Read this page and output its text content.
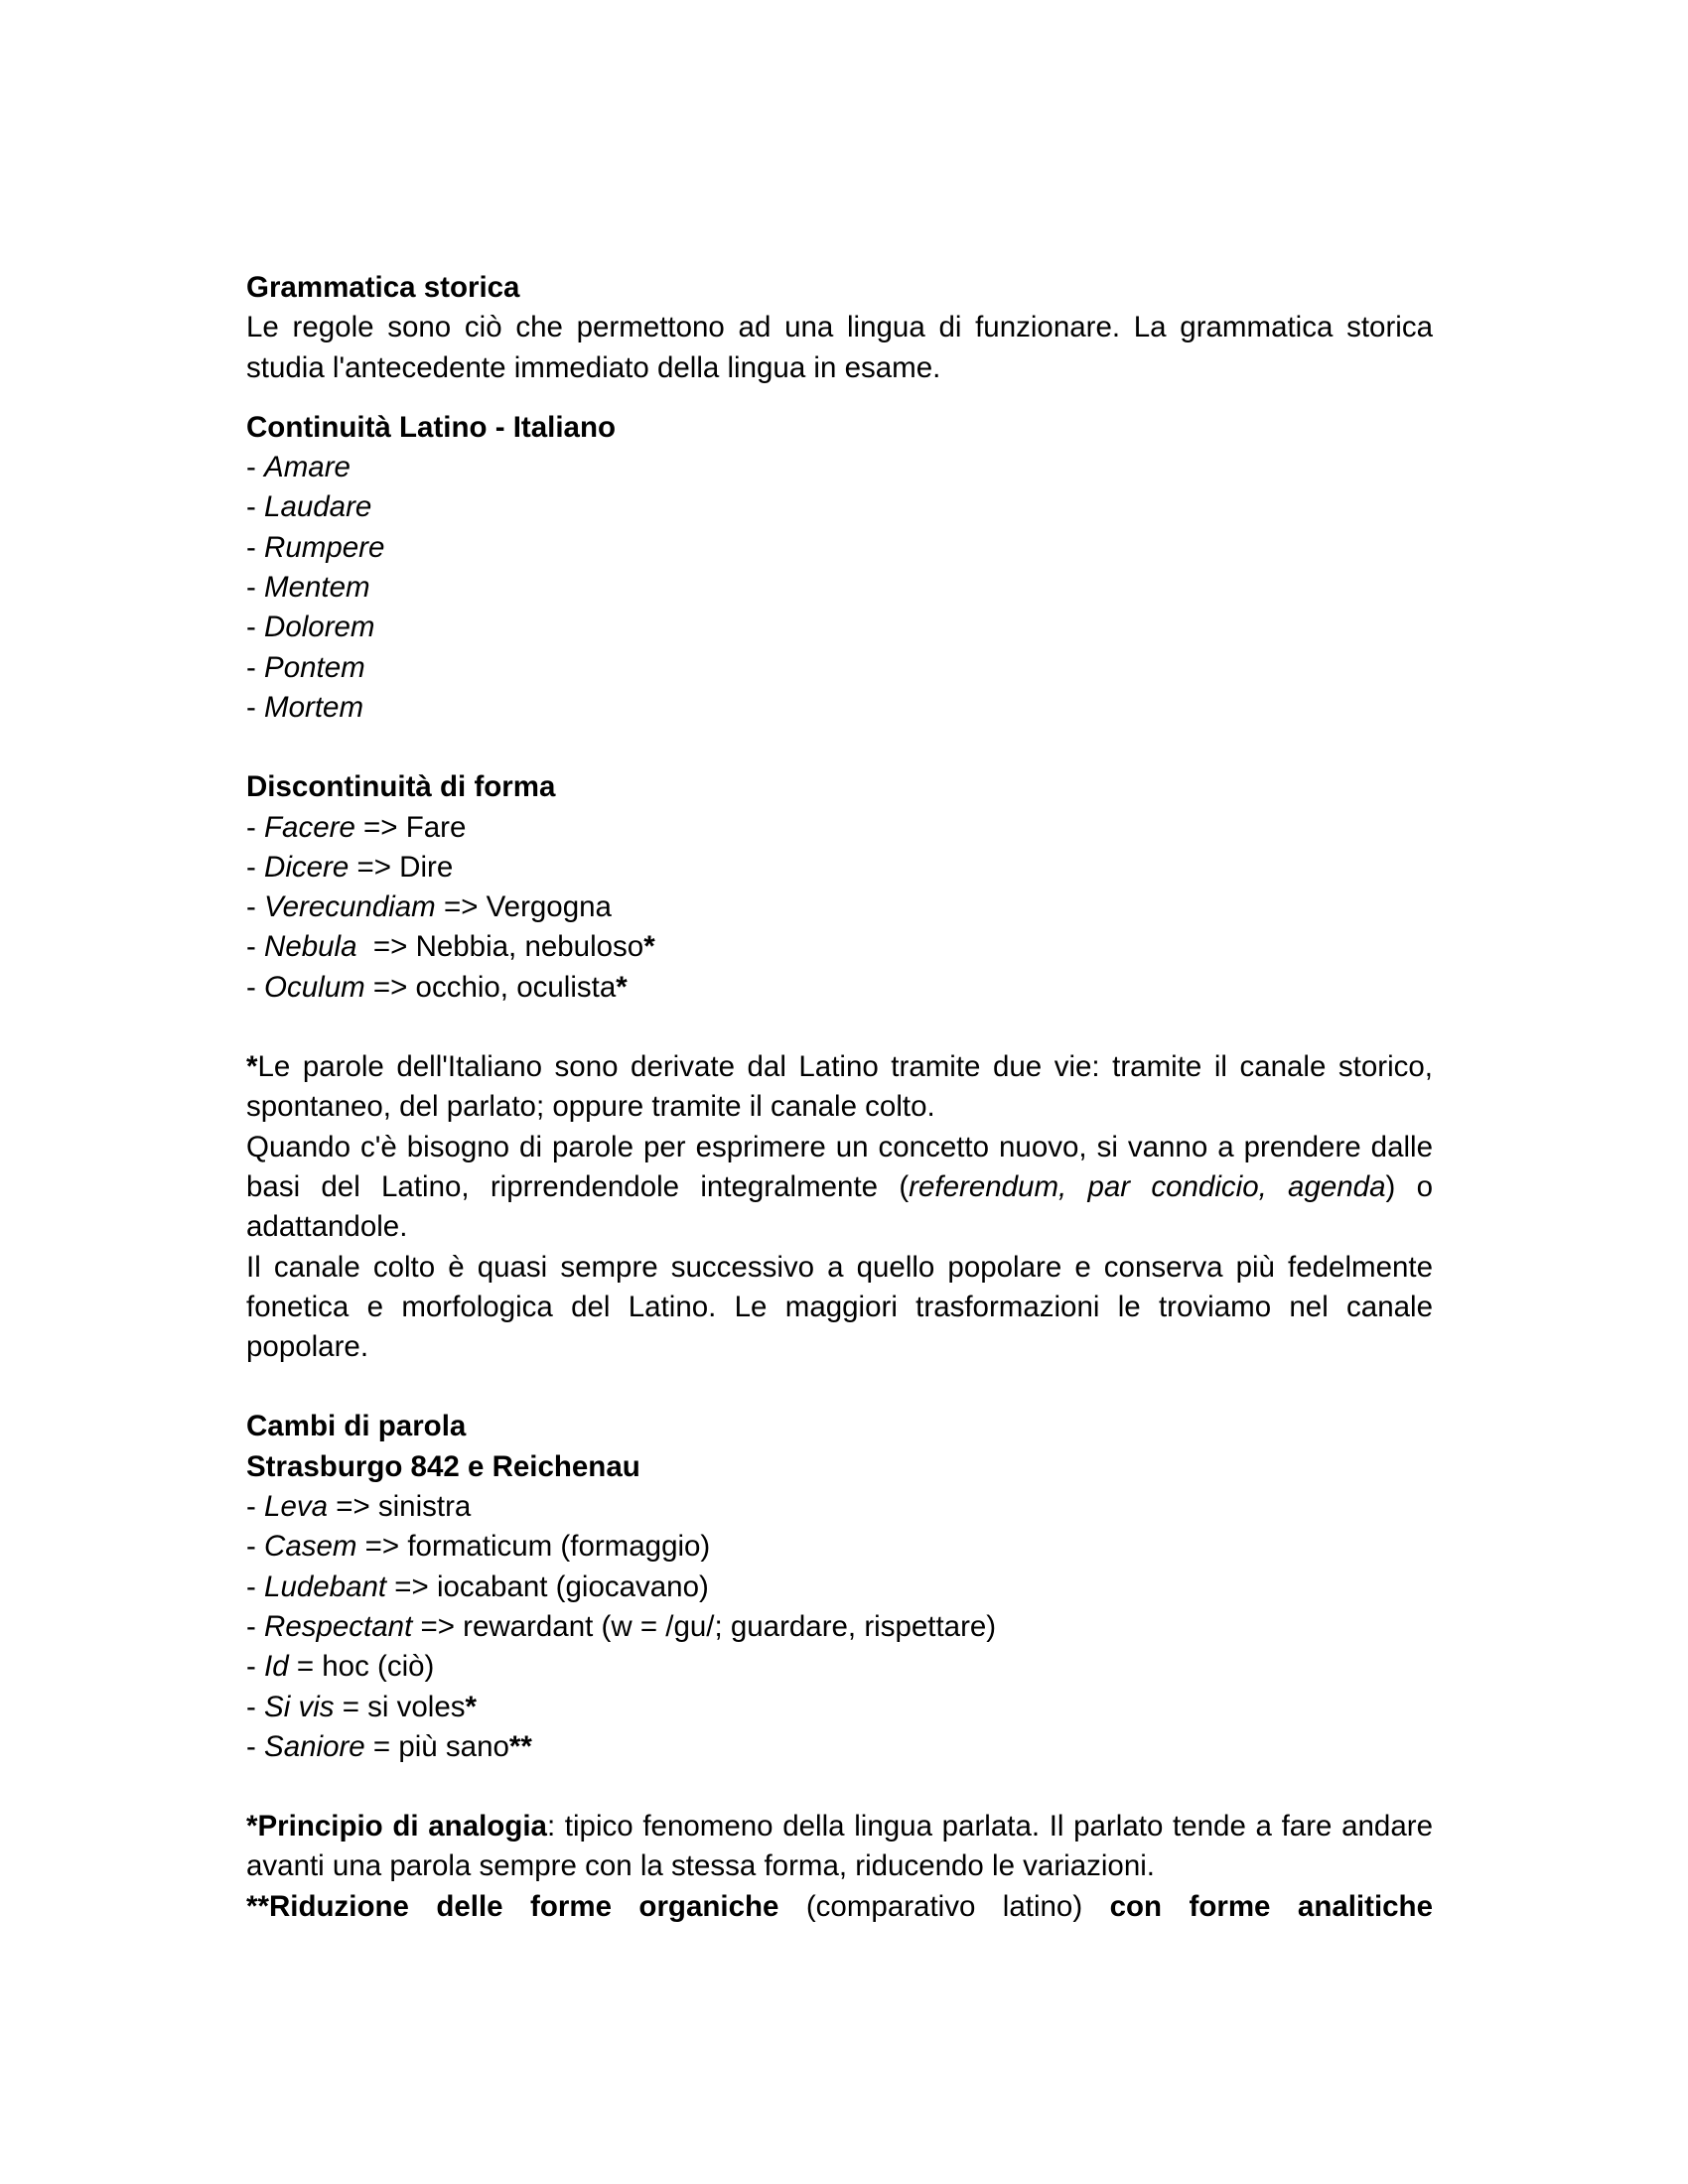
Grammatica storica
Le regole sono ciò che permettono ad una lingua di funzionare. La grammatica storica studia l'antecedente immediato della lingua in esame.
Continuità Latino - Italiano
- Amare
- Laudare
- Rumpere
- Mentem
- Dolorem
- Pontem
- Mortem
Discontinuità di forma
- Facere => Fare
- Dicere => Dire
- Verecundiam => Vergogna
- Nebula  => Nebbia, nebuloso*
- Oculum => occhio, oculista*
*Le parole dell'Italiano sono derivate dal Latino tramite due vie: tramite il canale storico, spontaneo, del parlato; oppure tramite il canale colto.
Quando c'è bisogno di parole per esprimere un concetto nuovo, si vanno a prendere dalle basi del Latino, riprrendendole integralmente (referendum, par condicio, agenda) o adattandole.
Il canale colto è quasi sempre successivo a quello popolare e conserva più fedelmente fonetica e morfologica del Latino. Le maggiori trasformazioni le troviamo nel canale popolare.
Cambi di parola
Strasburgo 842 e Reichenau
- Leva => sinistra
- Casem => formaticum (formaggio)
- Ludebant => iocabant (giocavano)
- Respectant => rewardant (w = /gu/; guardare, rispettare)
- Id = hoc (ciò)
- Si vis = si voles*
- Saniore = più sano**
*Principio di analogia: tipico fenomeno della lingua parlata. Il parlato tende a fare andare avanti una parola sempre con la stessa forma, riducendo le variazioni.
**Riduzione delle forme organiche (comparativo latino) con forme analitiche
